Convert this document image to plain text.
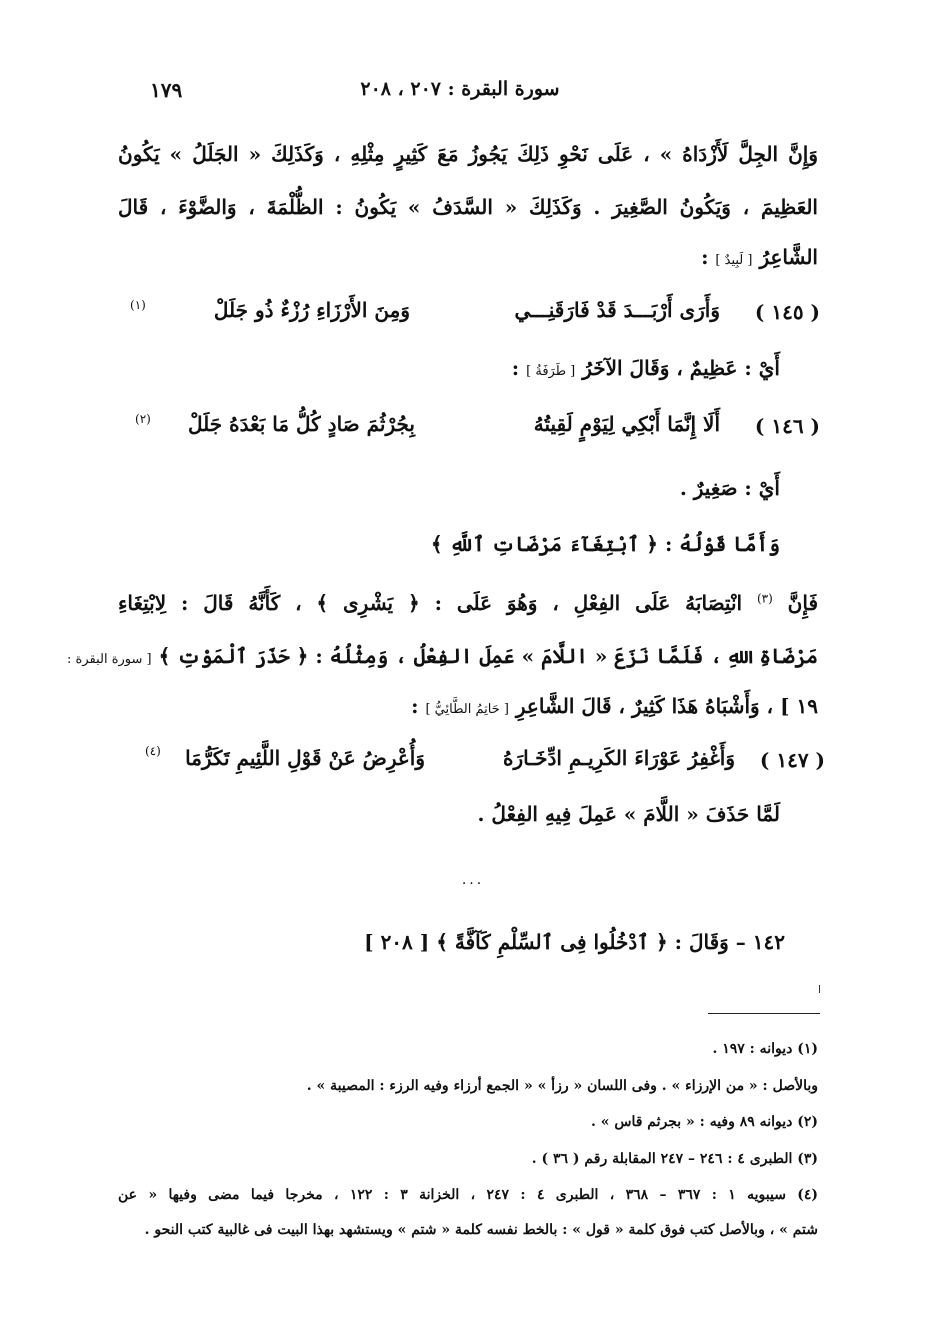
سورة البقرة : ٢٠٧ ، ٢٠٨
١٧٩
وَإِنَّ الجِلَّ لَأَزْدَاهُ » ، عَلَى نَحْوِ ذَلِكَ يَجُوزُ مَعَ كَثِيرٍ مِثْلِهِ ، وَكَذَلِكَ « الجَلَلُ » يَكُونُ
العَظِيمَ ، وَيَكُونُ الصَّغِيرَ . وَكَذَلِكَ « السَّدَفُ » يَكُونُ : الظُّلْمَةَ ، وَالضَّوْءَ ، قَالَ
الشَّاعِرُ [ لَبِيدٌ ] :
( ١٤٥ )
وَأَرَى أَرْبَـــدَ قَدْ فَارَقَنِـــي
وَمِنَ الأَرْزَاءِ رُزْءٌ ذُو جَلَلْ
(١)
أَيْ : عَظِيمٌ ، وَقَالَ الآخَرُ [ طَرَفَةُ ] :
( ١٤٦ )
أَلَا إِنَّمَا أَبْكِي لِيَوْمٍ لَقِيتُهُ
بِجُرْثُمَ صَادٍ كُلُّ مَا بَعْدَهُ جَلَلْ
(٢)
أَيْ : صَغِيرٌ .
وَأَمَّا قَوْلُهُ : ﴿ ٱبْتِغَآءَ مَرْضَاتِ ٱللَّهِ ﴾
فَإِنَّ $^{(٣)}$ انْتِصَابَهُ عَلَى الفِعْلِ ، وَهُوَ عَلَى : ﴿ يَشْرِى ﴾ ، كَأَنَّهُ قَالَ : لِابْتِغَاءِ
مَرْضَاةِ اللهِ ، فَلَمَّا نَزَعَ « اللَّامَ » عَمِلَ الفِعْلُ ، وَمِثْلُهُ : ﴿ حَذَرَ ٱلْمَوْتِ ﴾ [ سورة البقرة :
١٩ ] ، وَأَشْبَاهُ هَذَا كَثِيرٌ ، قَالَ الشَّاعِرِ [ حَاتِمُ الطَّائِيُّ ] :
( ١٤٧ )
وَأَغْفِرُ عَوْرَاءَ الكَرِيـمِ ادِّخَـارَهُ
وَأُعْرِضُ عَنْ قَوْلِ اللَّئِيمِ تَكَرُّمَا
(٤)
لَمَّا حَذَفَ « اللَّامَ » عَمِلَ فِيهِ الفِعْلُ .
...
١٤٢ – وَقَالَ : ﴿ ٱدْخُلُوا فِى ٱلسِّلْمِ كَآفَّةً ﴾ [ ٢٠٨ ]
(١) ديوانه : ١٩٧ .
وبالأصل : « من الإرزاء » . وفى اللسان « رزأ » « الجمع أرزاء وفيه الرزء : المصيبة » .
(٢) ديوانه ٨٩ وفيه : « بجرثم قاس » .
(٣) الطبرى ٤ : ٢٤٦ – ٢٤٧ المقابلة رقم ( ٣٦ ) .
(٤) سيبويه ١ : ٣٦٧ – ٣٦٨ ، الطبرى ٤ : ٢٤٧ ، الخزانة ٣ : ١٢٢ ، مخرجا فيما مضى وفيها « عن
شتم » ، وبالأصل كتب فوق كلمة « قول » : بالخط نفسه كلمة « شتم » ويستشهد بهذا البيت فى غالبية كتب النحو .
